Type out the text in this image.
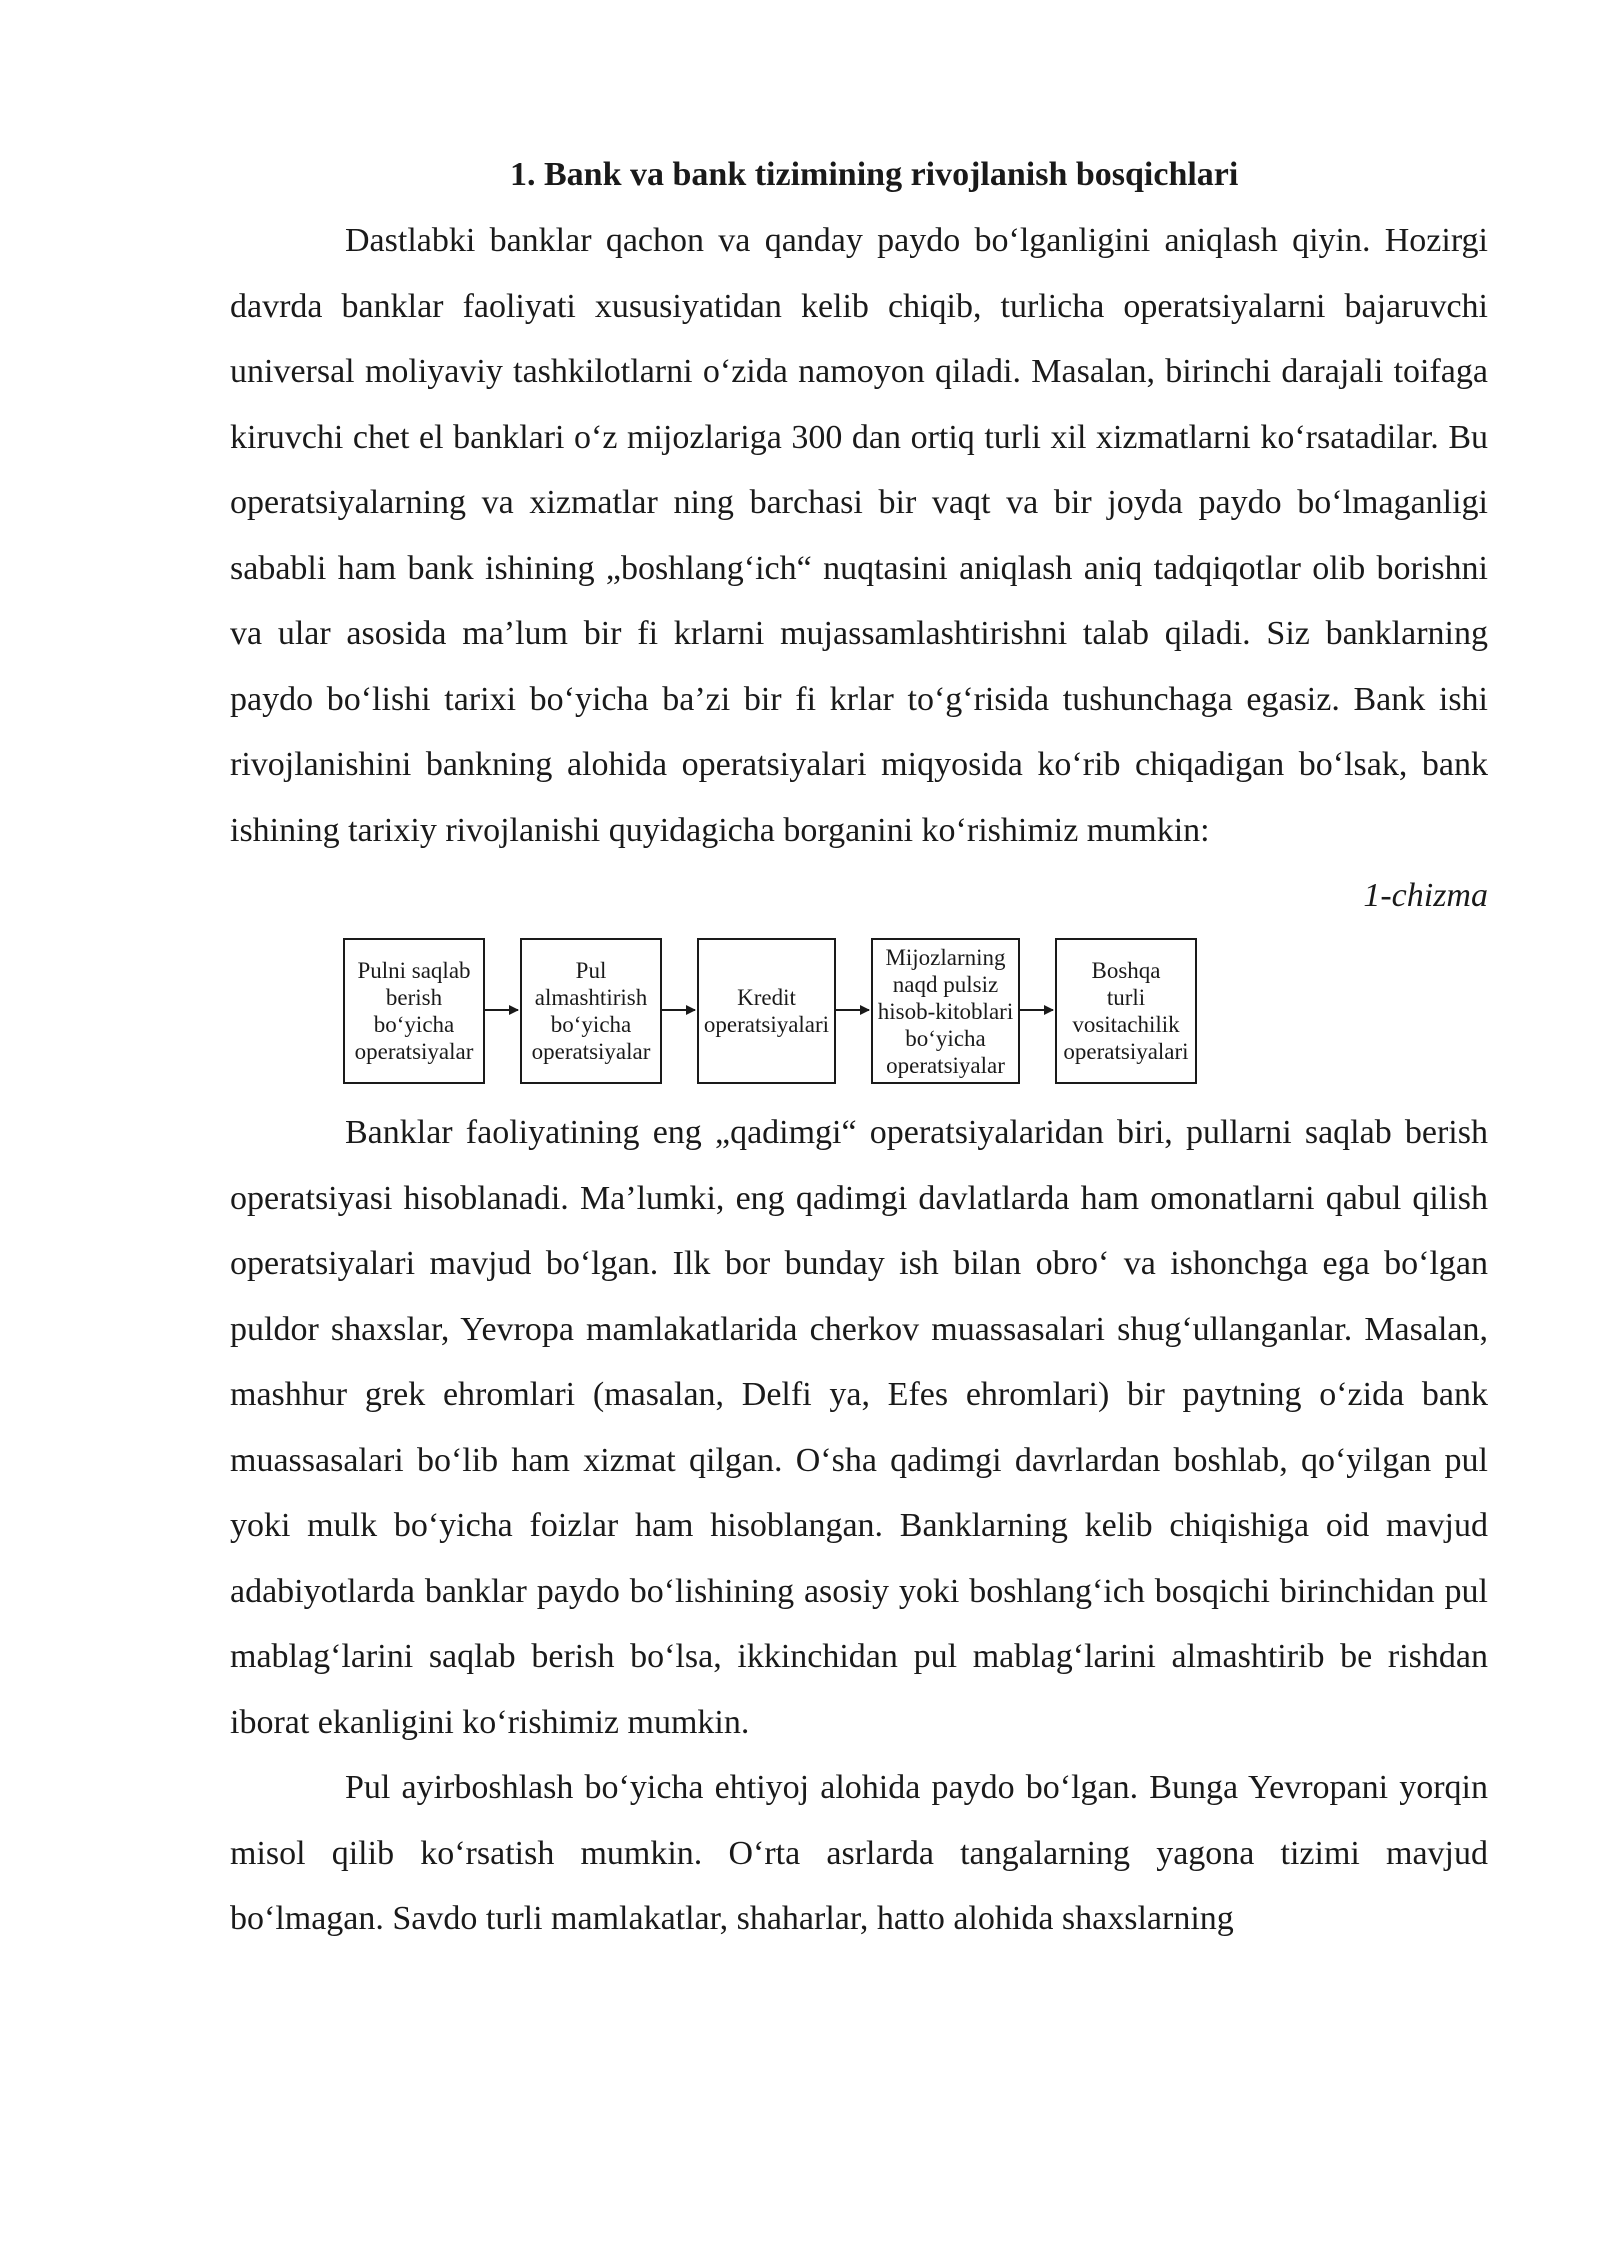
1. Bank va bank tizimining rivojlanish bosqichlari

Dastlabki banklar qachon va qanday paydo bo‘lganligini aniqlash qiyin. Hozirgi davrda banklar faoliyati xususiyatidan kelib chiqib, turlicha operatsiyalarni bajaruvchi universal moliyaviy tashkilotlarni o‘zida namoyon qiladi. Masalan, birinchi darajali toifaga kiruvchi chet el banklari o‘z mijozlariga 300 dan ortiq turli xil xizmatlarni ko‘rsatadilar. Bu operatsiyalarning va xizmatlar ning barchasi bir vaqt va bir joyda paydo bo‘lmaganligi sababli ham bank ishining „boshlang‘ich“ nuqtasini aniqlash aniq tadqiqotlar olib borishni va ular asosida ma’lum bir fi krlarni mujassamlashtirishni talab qiladi. Siz banklarning paydo bo‘lishi tarixi bo‘yicha ba’zi bir fi krlar to‘g‘risida tushunchaga egasiz. Bank ishi rivojlanishini bankning alohida operatsiyalari miqyosida ko‘rib chiqadigan bo‘lsak, bank ishining tarixiy rivojlanishi quyidagicha borganini ko‘rishimiz mumkin:

1-chizma

Pulni saqlab
berish
bo‘yicha
operatsiyalar
Pul
almashtirish
bo‘yicha
operatsiyalar
Kredit
operatsiyalari
Mijozlarning
naqd pulsiz
hisob-kitoblari
bo‘yicha
operatsiyalar
Boshqa
turli
vositachilik
operatsiyalari

Banklar faoliyatining eng „qadimgi“ operatsiyalaridan biri, pullarni saqlab berish operatsiyasi hisoblanadi. Ma’lumki, eng qadimgi davlatlarda ham omonatlarni qabul qilish operatsiyalari mavjud bo‘lgan. Ilk bor bunday ish bilan obro‘ va ishonchga ega bo‘lgan puldor shaxslar, Yevropa mamlakatlarida cherkov muassasalari shug‘ullanganlar. Masalan, mashhur grek ehromlari (masalan, Delfi ya, Efes ehromlari) bir paytning o‘zida bank muassasalari bo‘lib ham xizmat qilgan. O‘sha qadimgi davrlardan boshlab, qo‘yilgan pul yoki mulk bo‘yicha foizlar ham hisoblangan. Banklarning kelib chiqishiga oid mavjud adabiyotlarda banklar paydo bo‘lishining asosiy yoki boshlang‘ich bosqichi birinchidan pul mablag‘larini saqlab berish bo‘lsa, ikkinchidan pul mablag‘larini almashtirib be rishdan iborat ekanligini ko‘rishimiz mumkin.

Pul ayirboshlash bo‘yicha ehtiyoj alohida paydo bo‘lgan. Bunga Yevropani yorqin misol qilib ko‘rsatish mumkin. O‘rta asrlarda tangalarning yagona tizimi mavjud bo‘lmagan. Savdo turli mamlakatlar, shaharlar, hatto alohida shaxslarning
